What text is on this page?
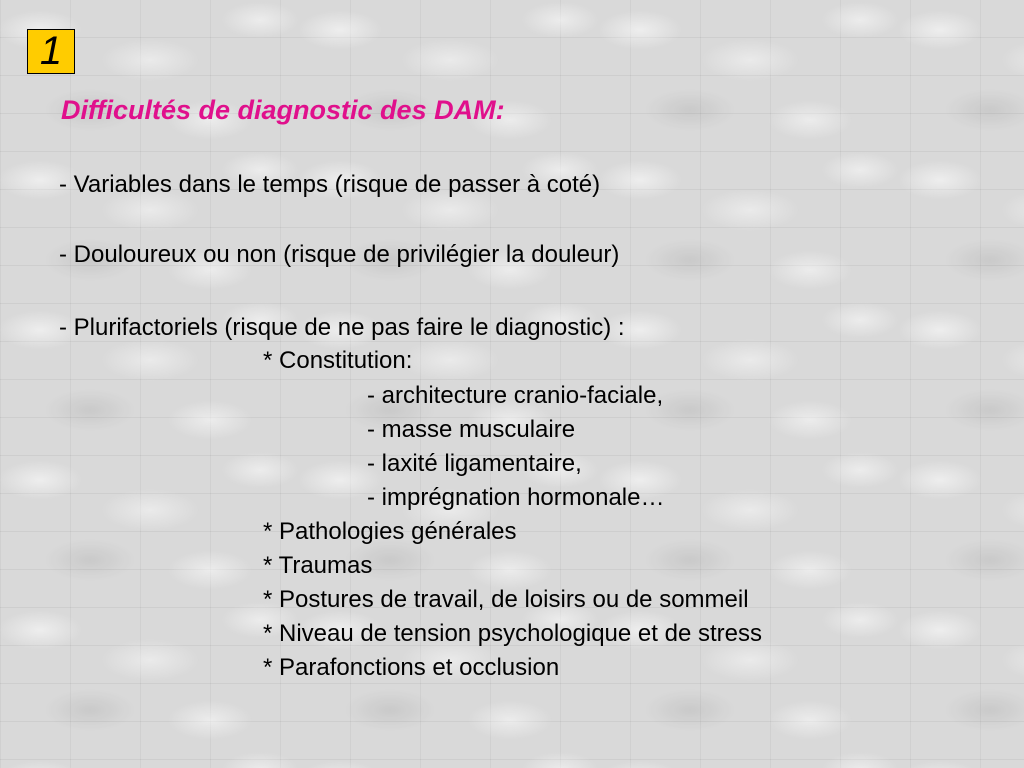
1
Difficultés de diagnostic des DAM:
- Variables dans le temps (risque de passer à coté)
- Douloureux ou non (risque de privilégier la douleur)
- Plurifactoriels (risque de ne pas faire le diagnostic) :
* Constitution:
- architecture cranio-faciale,
- masse musculaire
- laxité ligamentaire,
- imprégnation hormonale…
* Pathologies générales
* Traumas
* Postures de travail, de loisirs ou de sommeil
* Niveau de tension psychologique et de stress
* Parafonctions et occlusion
